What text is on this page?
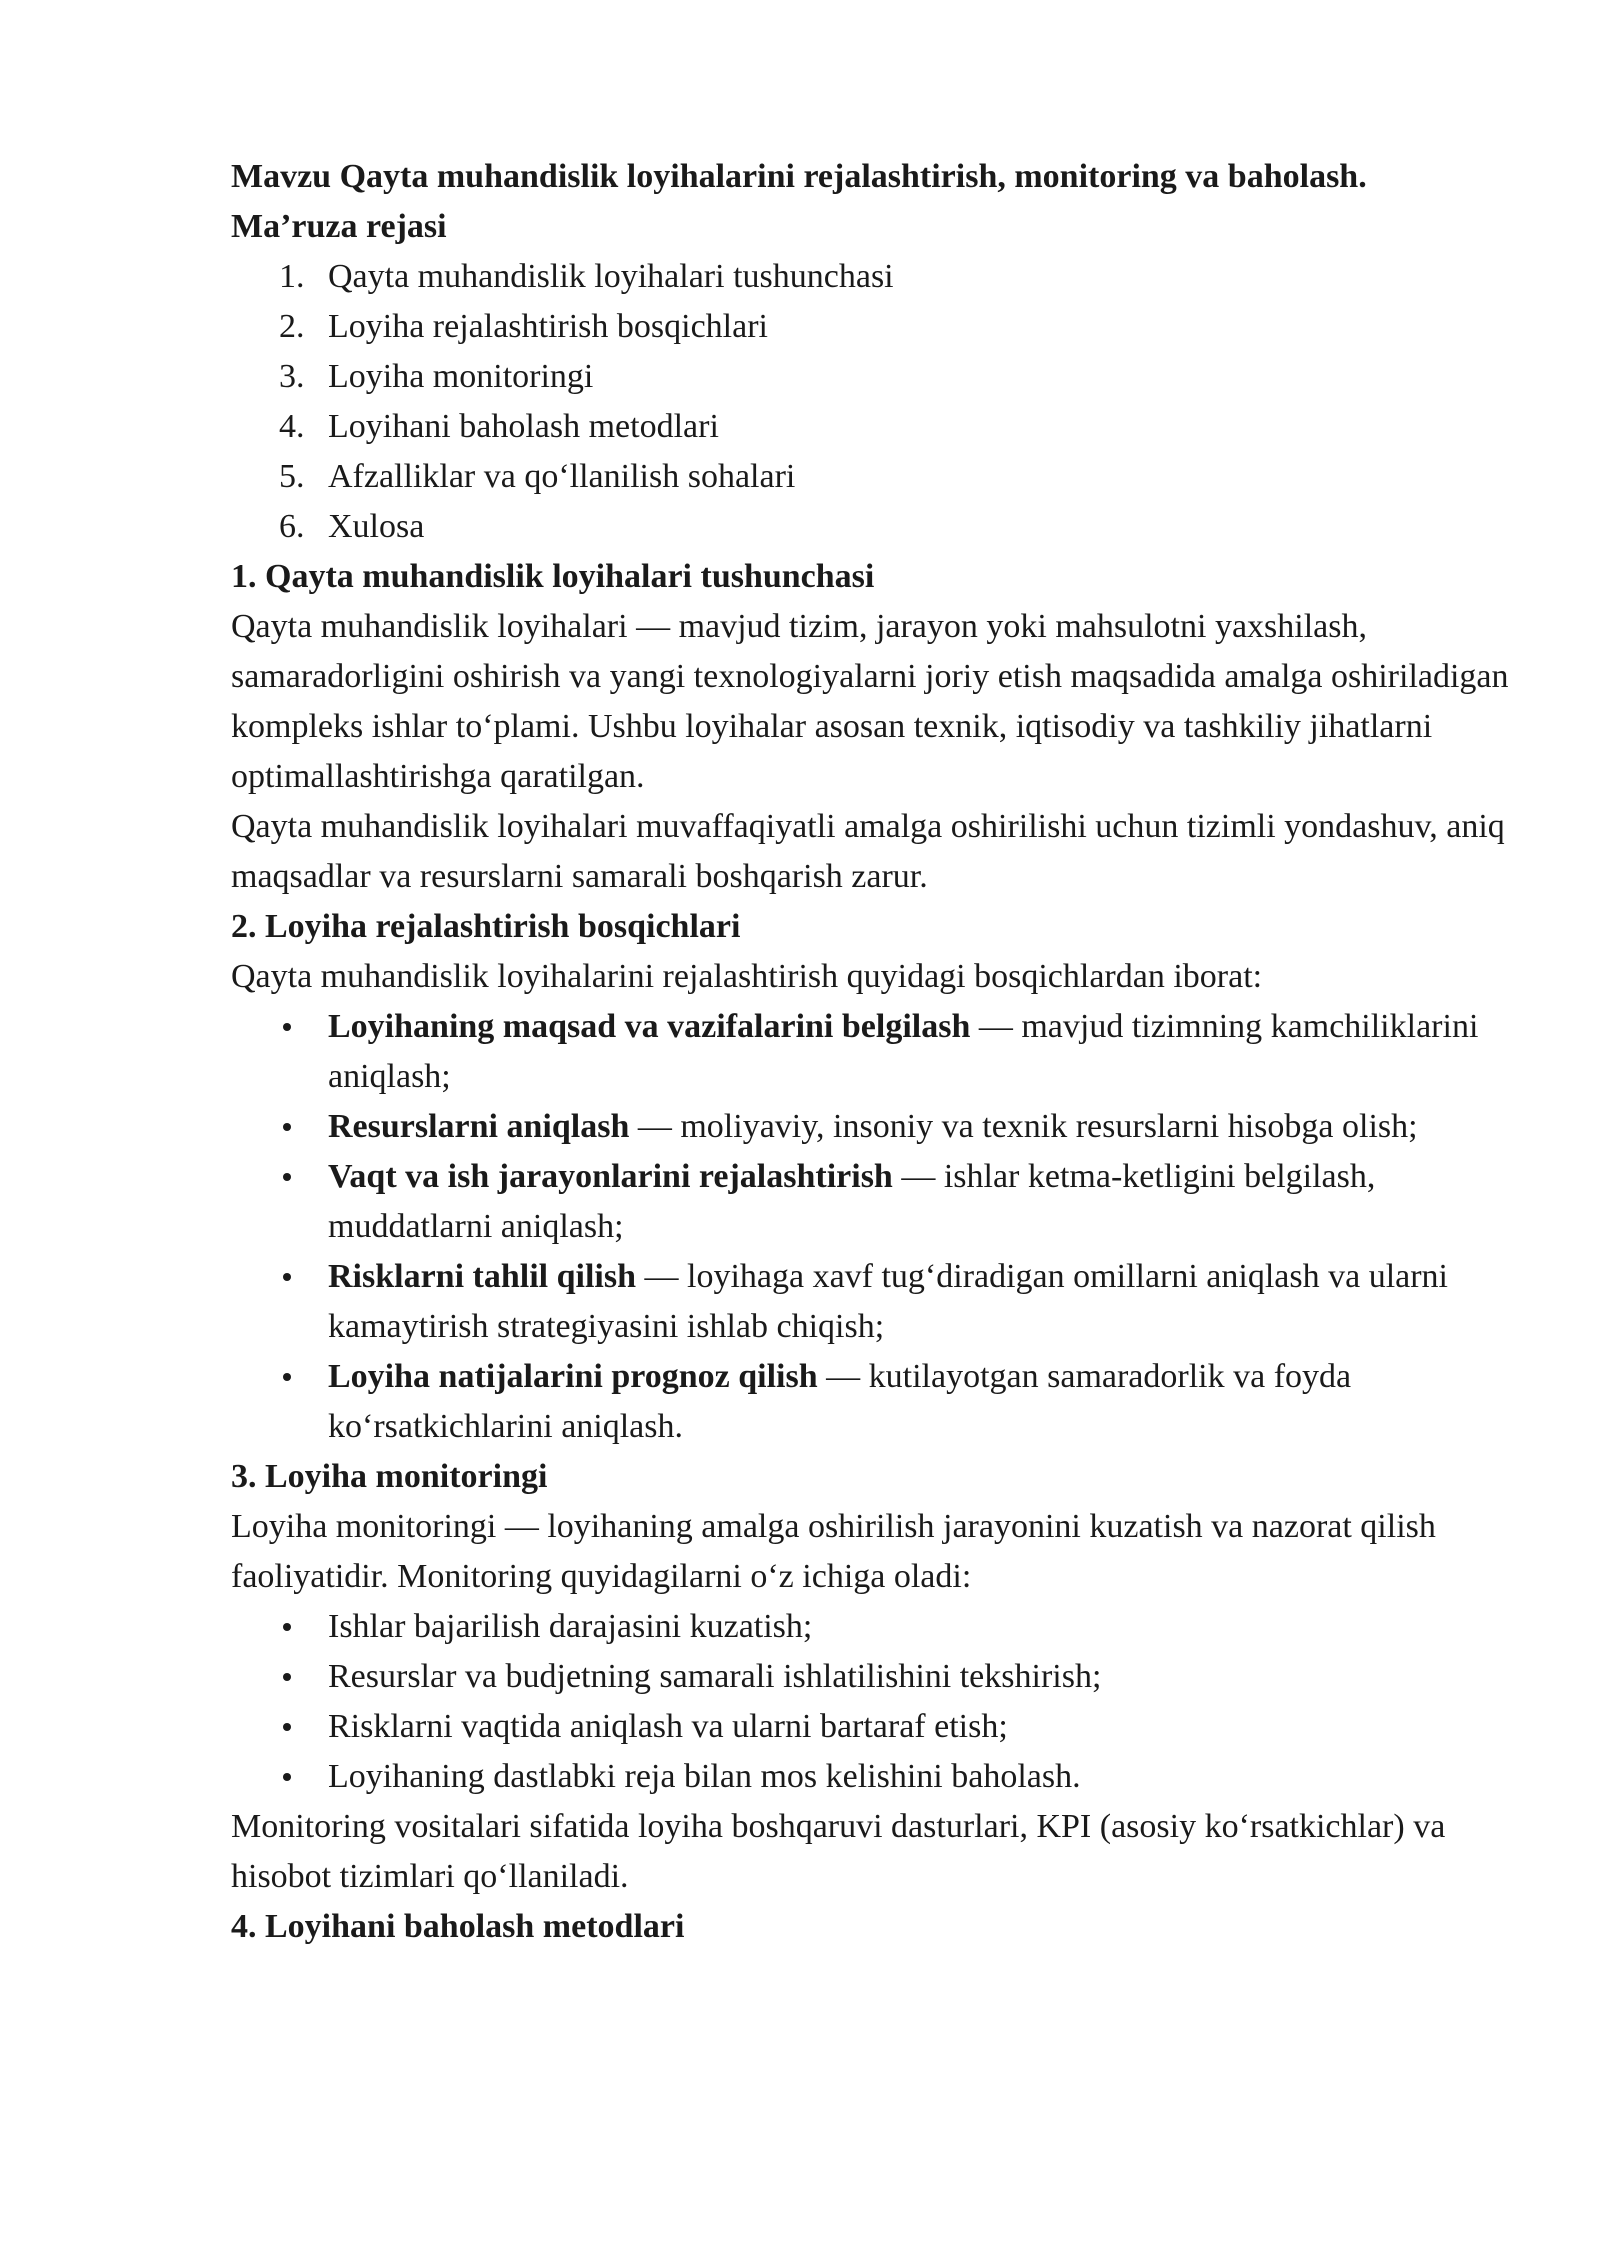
Mavzu Qayta muhandislik loyihalarini rejalashtirish, monitoring va baholash.
Ma’ruza rejasi
1. Qayta muhandislik loyihalari tushunchasi
2. Loyiha rejalashtirish bosqichlari
3. Loyiha monitoringi
4. Loyihani baholash metodlari
5. Afzalliklar va qo‘llanilish sohalari
6. Xulosa
1. Qayta muhandislik loyihalari tushunchasi

Qayta muhandislik loyihalari — mavjud tizim, jarayon yoki mahsulotni yaxshilash, samaradorligini oshirish va yangi texnologiyalarni joriy etish maqsadida amalga oshiriladigan kompleks ishlar to‘plami. Ushbu loyihalar asosan texnik, iqtisodiy va tashkiliy jihatlarni optimallashtirishga qaratilgan.

Qayta muhandislik loyihalari muvaffaqiyatli amalga oshirilishi uchun tizimli yondashuv, aniq maqsadlar va resurslarni samarali boshqarish zarur.

2. Loyiha rejalashtirish bosqichlari

Qayta muhandislik loyihalarini rejalashtirish quyidagi bosqichlardan iborat:

Loyihaning maqsad va vazifalarini belgilash — mavjud tizimning kamchiliklarini aniqlash;
Resurslarni aniqlash — moliyaviy, insoniy va texnik resurslarni hisobga olish;
Vaqt va ish jarayonlarini rejalashtirish — ishlar ketma-ketligini belgilash, muddatlarni aniqlash;
Risklarni tahlil qilish — loyihaga xavf tug‘diradigan omillarni aniqlash va ularni kamaytirish strategiyasini ishlab chiqish;
Loyiha natijalarini prognoz qilish — kutilayotgan samaradorlik va foyda ko‘rsatkichlarini aniqlash.
3. Loyiha monitoringi

Loyiha monitoringi — loyihaning amalga oshirilish jarayonini kuzatish va nazorat qilish faoliyatidir. Monitoring quyidagilarni o‘z ichiga oladi:

Ishlar bajarilish darajasini kuzatish;
Resurslar va budjetning samarali ishlatilishini tekshirish;
Risklarni vaqtida aniqlash va ularni bartaraf etish;
Loyihaning dastlabki reja bilan mos kelishini baholash.

Monitoring vositalari sifatida loyiha boshqaruvi dasturlari, KPI (asosiy ko‘rsatkichlar) va hisobot tizimlari qo‘llaniladi.

4. Loyihani baholash metodlari
